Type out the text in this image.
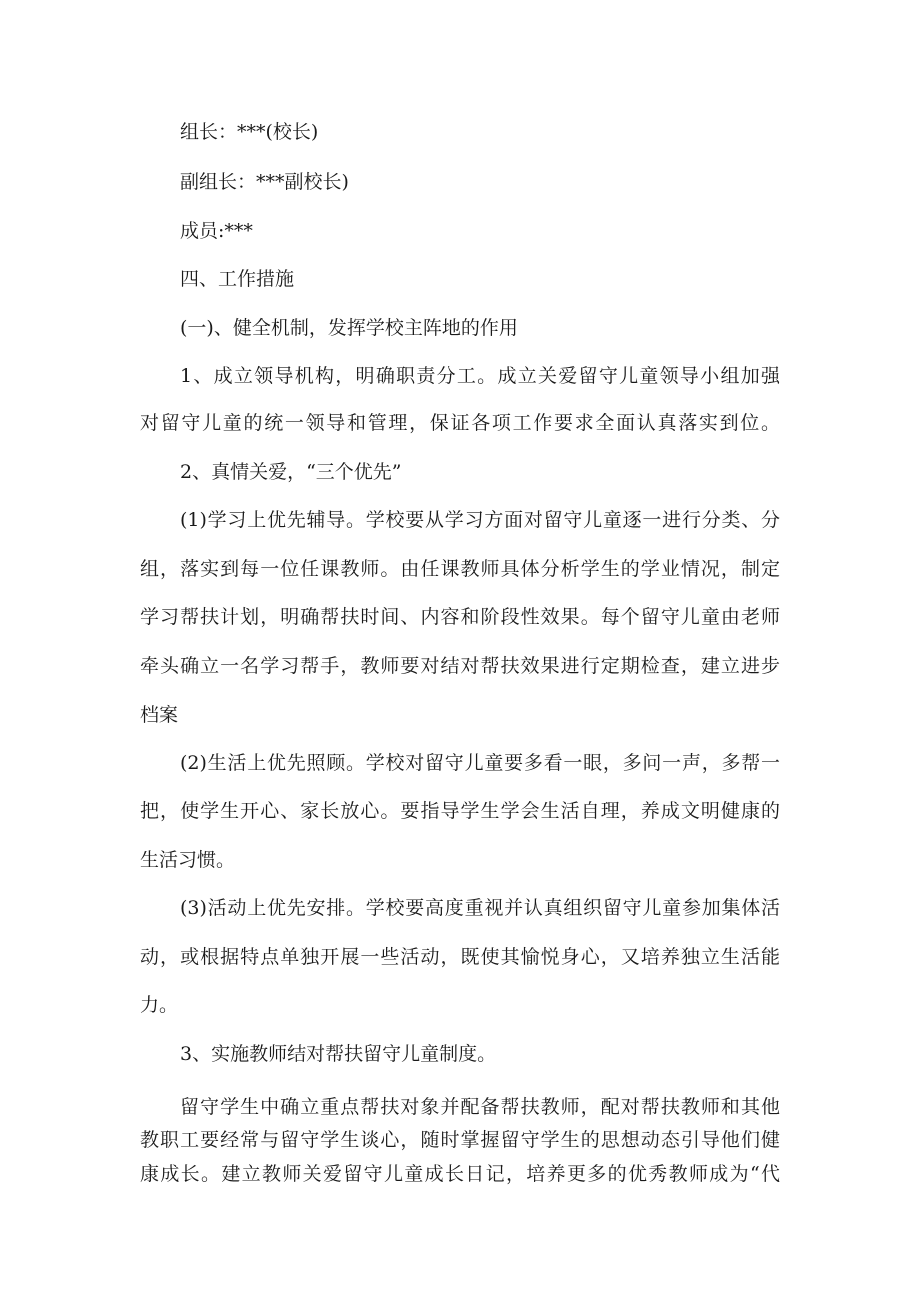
组长：***(校长)
副组长：***副校长)
成员:***
四、工作措施
(一)、健全机制，发挥学校主阵地的作用
1、成立领导机构，明确职责分工。成立关爱留守儿童领导小组加强
对留守儿童的统一领导和管理，保证各项工作要求全面认真落实到位。
2、真情关爱，“三个优先”
(1)学习上优先辅导。学校要从学习方面对留守儿童逐一进行分类、分
组，落实到每一位任课教师。由任课教师具体分析学生的学业情况，制定
学习帮扶计划，明确帮扶时间、内容和阶段性效果。每个留守儿童由老师
牵头确立一名学习帮手，教师要对结对帮扶效果进行定期检查，建立进步
档案
(2)生活上优先照顾。学校对留守儿童要多看一眼，多问一声，多帮一
把，使学生开心、家长放心。要指导学生学会生活自理，养成文明健康的
生活习惯。
(3)活动上优先安排。学校要高度重视并认真组织留守儿童参加集体活
动，或根据特点单独开展一些活动，既使其愉悦身心，又培养独立生活能
力。
3、实施教师结对帮扶留守儿童制度。
留守学生中确立重点帮扶对象并配备帮扶教师，配对帮扶教师和其他
教职工要经常与留守学生谈心，随时掌握留守学生的思想动态引导他们健
康成长。建立教师关爱留守儿童成长日记，培养更多的优秀教师成为“代
